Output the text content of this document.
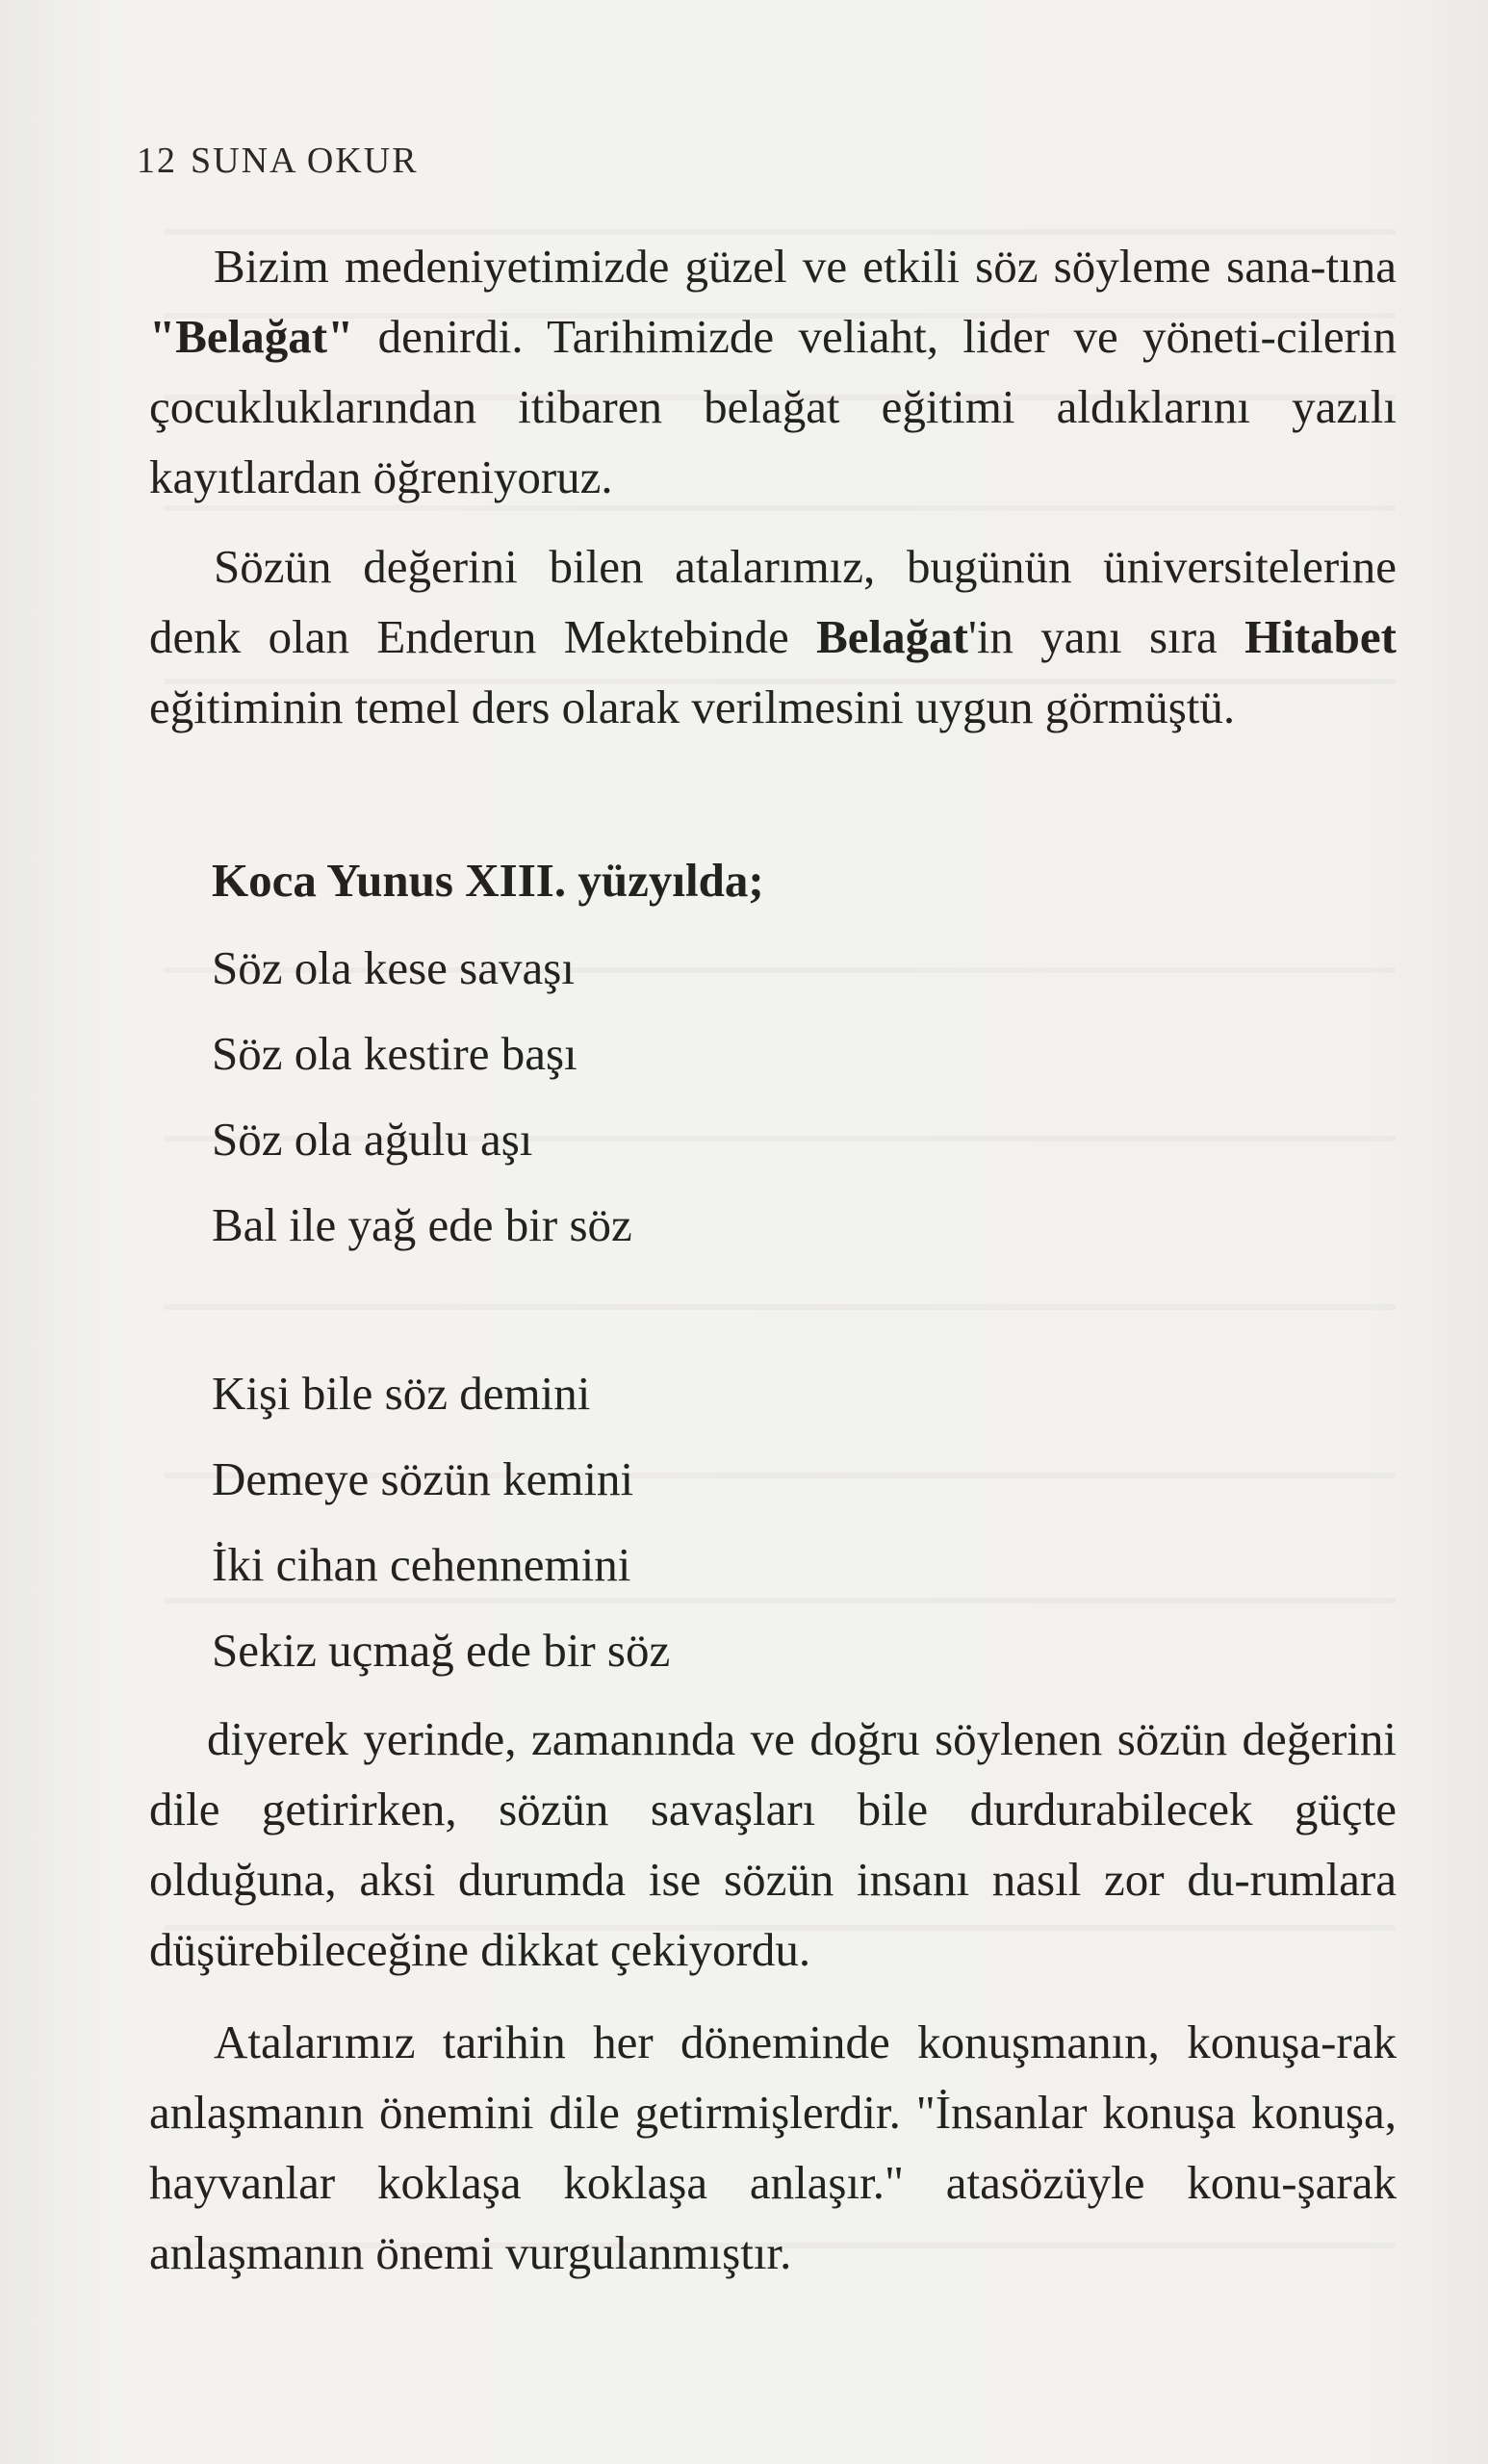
12 SUNA OKUR

Bizim medeniyetimizde güzel ve etkili söz söyleme sana-tına "Belağat" denirdi. Tarihimizde veliaht, lider ve yöneti-cilerin çocukluklarından itibaren belağat eğitimi aldıklarını yazılı kayıtlardan öğreniyoruz.

Sözün değerini bilen atalarımız, bugünün üniversitelerine denk olan Enderun Mektebinde Belağat'in yanı sıra Hitabet eğitiminin temel ders olarak verilmesini uygun görmüştü.

Koca Yunus XIII. yüzyılda;
Söz ola kese savaşı
Söz ola kestire başı
Söz ola ağulu aşı
Bal ile yağ ede bir söz
Kişi bile söz demini
Demeye sözün kemini
İki cihan cehennemini
Sekiz uçmağ ede bir söz

diyerek yerinde, zamanında ve doğru söylenen sözün değerini dile getirirken, sözün savaşları bile durdurabilecek güçte olduğuna, aksi durumda ise sözün insanı nasıl zor du-rumlara düşürebileceğine dikkat çekiyordu.

Atalarımız tarihin her döneminde konuşmanın, konuşa-rak anlaşmanın önemini dile getirmişlerdir. "İnsanlar konuşa konuşa, hayvanlar koklaşa koklaşa anlaşır." atasözüyle konu-şarak anlaşmanın önemi vurgulanmıştır.
